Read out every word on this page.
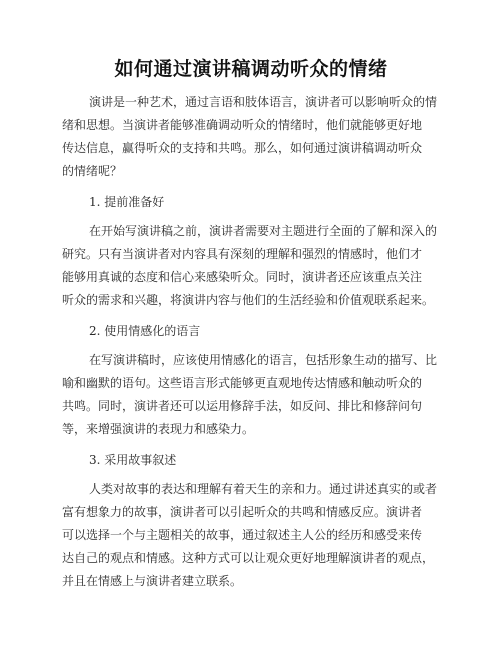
如何通过演讲稿调动听众的情绪
演讲是一种艺术，通过言语和肢体语言，演讲者可以影响听众的情
绪和思想。当演讲者能够准确调动听众的情绪时，他们就能够更好地
传达信息，赢得听众的支持和共鸣。那么，如何通过演讲稿调动听众
的情绪呢？
1. 提前准备好
在开始写演讲稿之前，演讲者需要对主题进行全面的了解和深入的
研究。只有当演讲者对内容具有深刻的理解和强烈的情感时，他们才
能够用真诚的态度和信心来感染听众。同时，演讲者还应该重点关注
听众的需求和兴趣，将演讲内容与他们的生活经验和价值观联系起来。
2. 使用情感化的语言
在写演讲稿时，应该使用情感化的语言，包括形象生动的描写、比
喻和幽默的语句。这些语言形式能够更直观地传达情感和触动听众的
共鸣。同时，演讲者还可以运用修辞手法，如反问、排比和修辞问句
等，来增强演讲的表现力和感染力。
3. 采用故事叙述
人类对故事的表达和理解有着天生的亲和力。通过讲述真实的或者
富有想象力的故事，演讲者可以引起听众的共鸣和情感反应。演讲者
可以选择一个与主题相关的故事，通过叙述主人公的经历和感受来传
达自己的观点和情感。这种方式可以让观众更好地理解演讲者的观点，
并且在情感上与演讲者建立联系。
